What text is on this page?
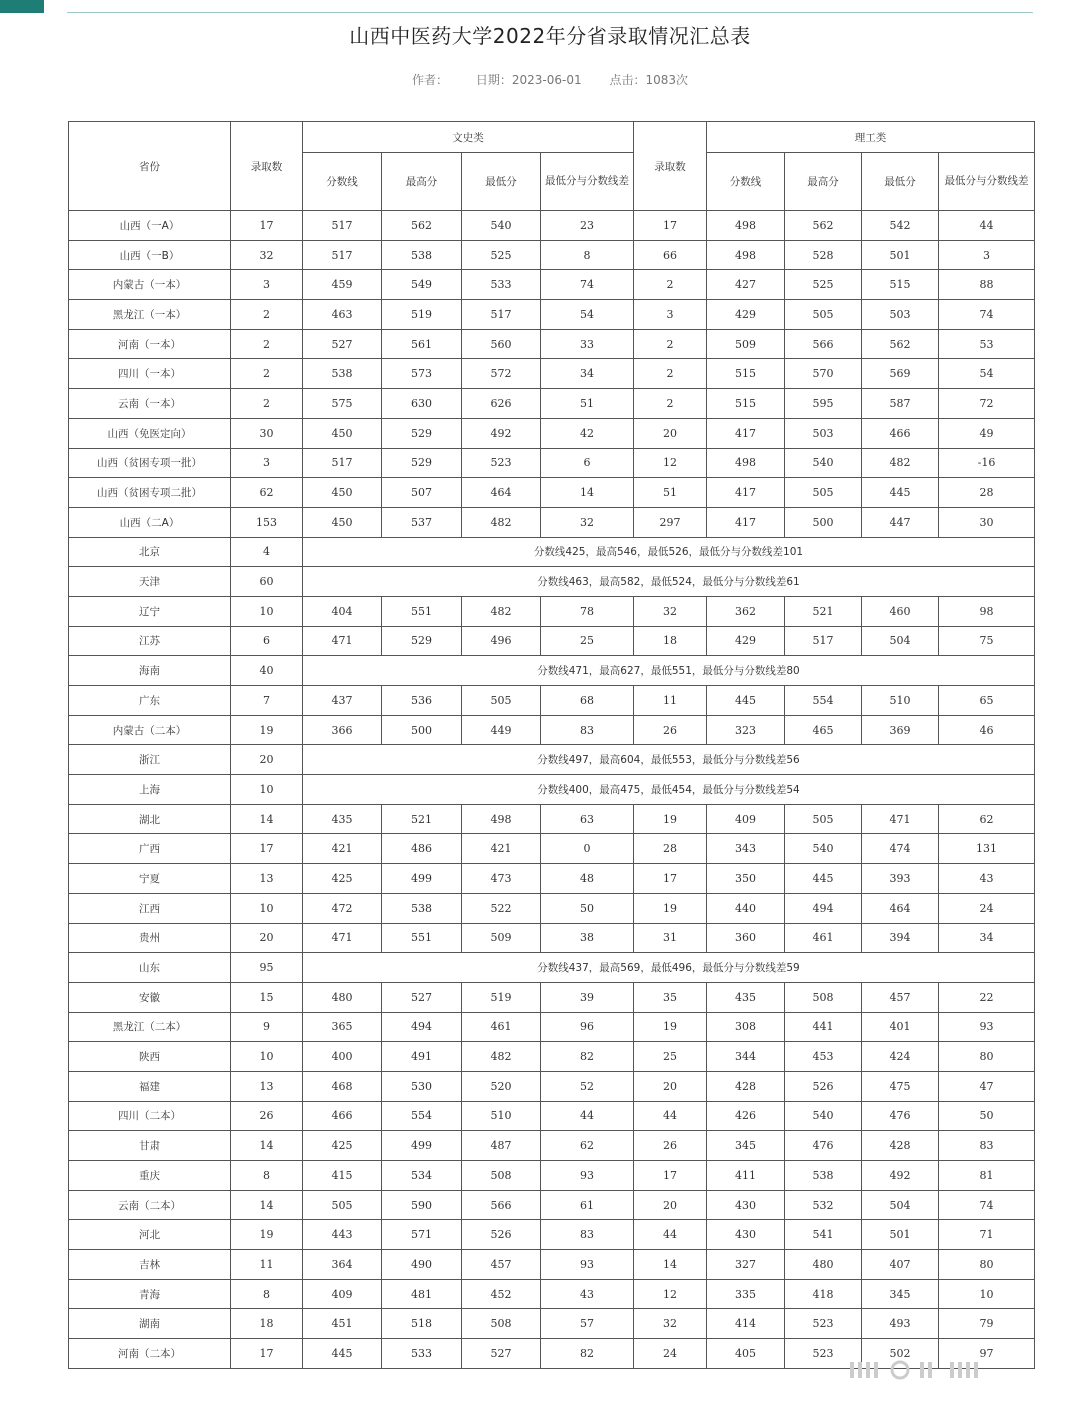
山西中医药大学2022年分省录取情况汇总表
作者： 日期：2023-06-01 点击：1083次
省份	录取数	文史类				录取数	理工类			
		分数线	最高分	最低分	最低分与分数线差		分数线	最高分	最低分	最低分与分数线差
山西（一A）	17	517	562	540	23	17	498	562	542	44
山西（一B）	32	517	538	525	8	66	498	528	501	3
内蒙古（一本）	3	459	549	533	74	2	427	525	515	88
黑龙江（一本）	2	463	519	517	54	3	429	505	503	74
河南（一本）	2	527	561	560	33	2	509	566	562	53
四川（一本）	2	538	573	572	34	2	515	570	569	54
云南（一本）	2	575	630	626	51	2	515	595	587	72
山西（免医定向）	30	450	529	492	42	20	417	503	466	49
山西（贫困专项一批）	3	517	529	523	6	12	498	540	482	-16
山西（贫困专项二批）	62	450	507	464	14	51	417	505	445	28
山西（二A）	153	450	537	482	32	297	417	500	447	30
北京	4	分数线425，最高546，最低526，最低分与分数线差101								
天津	60	分数线463，最高582，最低524，最低分与分数线差61								
辽宁	10	404	551	482	78	32	362	521	460	98
江苏	6	471	529	496	25	18	429	517	504	75
海南	40	分数线471，最高627，最低551，最低分与分数线差80								
广东	7	437	536	505	68	11	445	554	510	65
内蒙古（二本）	19	366	500	449	83	26	323	465	369	46
浙江	20	分数线497，最高604，最低553，最低分与分数线差56								
上海	10	分数线400，最高475，最低454，最低分与分数线差54								
湖北	14	435	521	498	63	19	409	505	471	62
广西	17	421	486	421	0	28	343	540	474	131
宁夏	13	425	499	473	48	17	350	445	393	43
江西	10	472	538	522	50	19	440	494	464	24
贵州	20	471	551	509	38	31	360	461	394	34
山东	95	分数线437，最高569，最低496，最低分与分数线差59								
安徽	15	480	527	519	39	35	435	508	457	22
黑龙江（二本）	9	365	494	461	96	19	308	441	401	93
陕西	10	400	491	482	82	25	344	453	424	80
福建	13	468	530	520	52	20	428	526	475	47
四川（二本）	26	466	554	510	44	44	426	540	476	50
甘肃	14	425	499	487	62	26	345	476	428	83
重庆	8	415	534	508	93	17	411	538	492	81
云南（二本）	14	505	590	566	61	20	430	532	504	74
河北	19	443	571	526	83	44	430	541	501	71
吉林	11	364	490	457	93	14	327	480	407	80
青海	8	409	481	452	43	12	335	418	345	10
湖南	18	451	518	508	57	32	414	523	493	79
河南（二本）	17	445	533	527	82	24	405	523	502	97
